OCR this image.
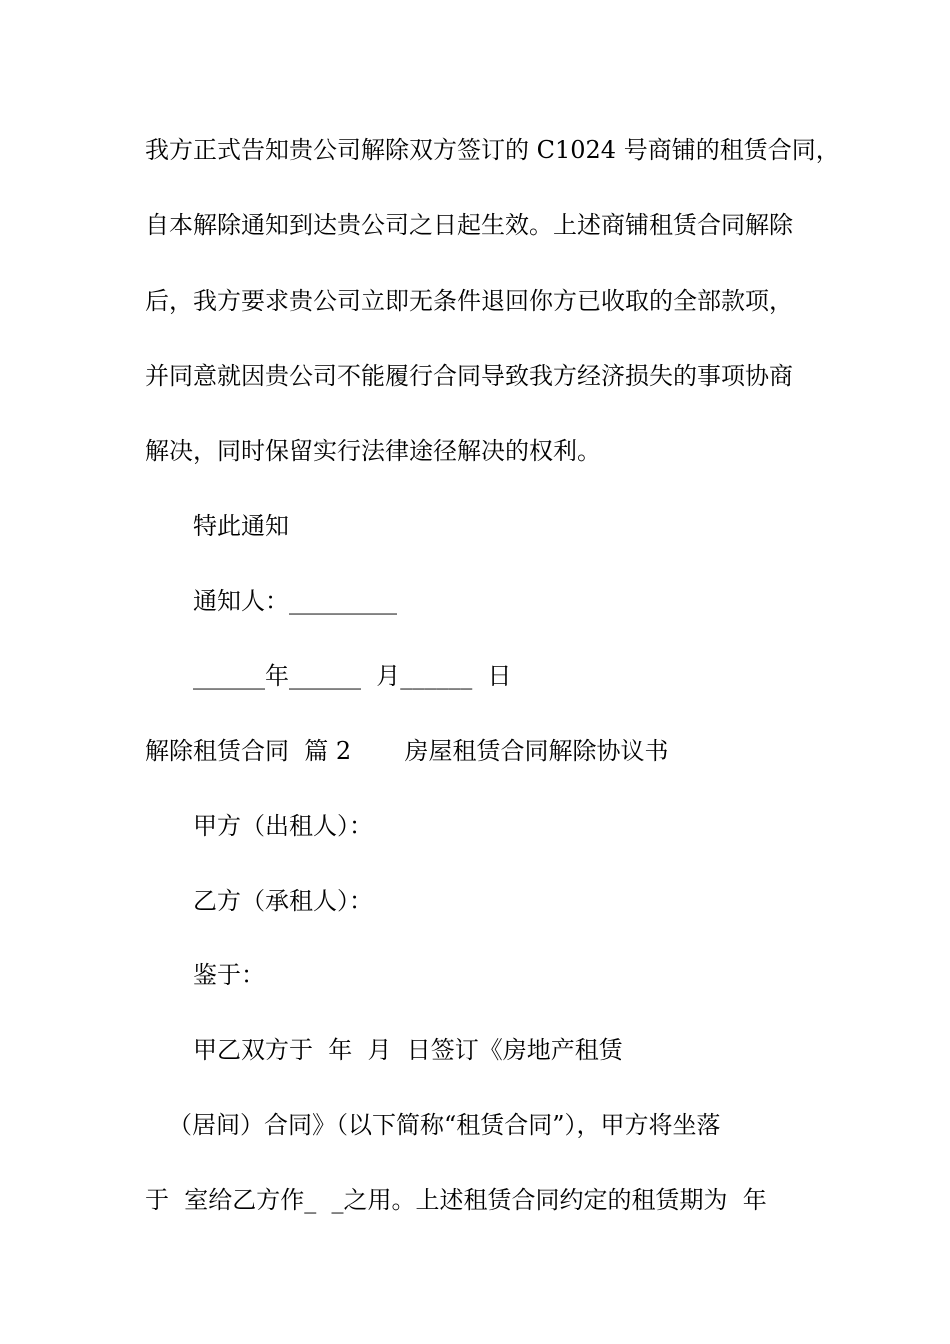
我方正式告知贵公司解除双方签订的 C1024 号商铺的租赁合同，
自本解除通知到达贵公司之日起生效。上述商铺租赁合同解除
后，我方要求贵公司立即无条件退回你方已收取的全部款项，
并同意就因贵公司不能履行合同导致我方经济损失的事项协商
解决，同时保留实行法律途径解决的权利。
特此通知
通知人：_________
______年______  月______  日
解除租赁合同  篇 2       房屋租赁合同解除协议书
甲方（出租人）：
乙方（承租人）：
鉴于：
甲乙双方于  年  月  日签订《房地产租赁
（居间）合同》（以下简称“租赁合同”），甲方将坐落
于  室给乙方作_  _之用。上述租赁合同约定的租赁期为  年
